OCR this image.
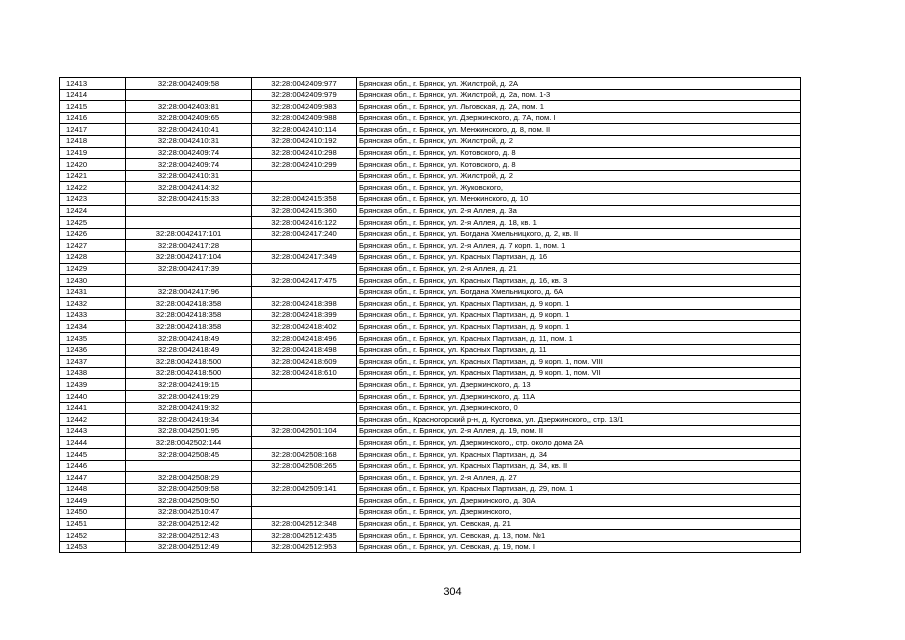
12413	32:28:0042409:58	32:28:0042409:977	Брянская обл., г. Брянск, ул. Жилстрой, д. 2А
12414		32:28:0042409:979	Брянская обл., г. Брянск, ул. Жилстрой, д. 2а, пом. 1-3
12415	32:28:0042403:81	32:28:0042409:983	Брянская обл., г. Брянск, ул. Льговская, д. 2А, пом. 1
12416	32:28:0042409:65	32:28:0042409:988	Брянская обл., г. Брянск, ул. Дзержинского, д. 7А, пом. I
12417	32:28:0042410:41	32:28:0042410:114	Брянская обл., г. Брянск, ул. Менжинского, д. 8, пом. II
12418	32:28:0042410:31	32:28:0042410:192	Брянская обл., г. Брянск, ул. Жилстрой, д. 2
12419	32:28:0042409:74	32:28:0042410:298	Брянская обл., г. Брянск, ул. Котовского, д. 8
12420	32:28:0042409:74	32:28:0042410:299	Брянская обл., г. Брянск, ул. Котовского, д. 8
12421	32:28:0042410:31		Брянская обл., г. Брянск, ул. Жилстрой, д. 2
12422	32:28:0042414:32		Брянская обл., г. Брянск, ул. Жуковского,
12423	32:28:0042415:33	32:28:0042415:358	Брянская обл., г. Брянск, ул. Менжинского, д. 10
12424		32:28:0042415:360	Брянская обл., г. Брянск, ул. 2-я Аллея, д. 3а
12425		32:28:0042416:122	Брянская обл., г. Брянск, ул. 2-я Аллея, д. 18, кв. 1
12426	32:28:0042417:101	32:28:0042417:240	Брянская обл., г. Брянск, ул. Богдана Хмельницкого, д. 2, кв. II
12427	32:28:0042417:28		Брянская обл., г. Брянск, ул. 2-я Аллея, д. 7 корп. 1, пом. 1
12428	32:28:0042417:104	32:28:0042417:349	Брянская обл., г. Брянск, ул. Красных Партизан, д. 16
12429	32:28:0042417:39		Брянская обл., г. Брянск, ул. 2-я Аллея, д. 21
12430		32:28:0042417:475	Брянская обл., г. Брянск, ул. Красных Партизан, д. 16, кв. 3
12431	32:28:0042417:96		Брянская обл., г. Брянск, ул. Богдана Хмельницкого, д. 6А
12432	32:28:0042418:358	32:28:0042418:398	Брянская обл., г. Брянск, ул. Красных Партизан, д. 9 корп. 1
12433	32:28:0042418:358	32:28:0042418:399	Брянская обл., г. Брянск, ул. Красных Партизан, д. 9 корп. 1
12434	32:28:0042418:358	32:28:0042418:402	Брянская обл., г. Брянск, ул. Красных Партизан, д. 9 корп. 1
12435	32:28:0042418:49	32:28:0042418:496	Брянская обл., г. Брянск, ул. Красных Партизан, д. 11, пом. 1
12436	32:28:0042418:49	32:28:0042418:498	Брянская обл., г. Брянск, ул. Красных Партизан, д. 11
12437	32:28:0042418:500	32:28:0042418:609	Брянская обл., г. Брянск, ул. Красных Партизан, д. 9 корп. 1, пом. VIII
12438	32:28:0042418:500	32:28:0042418:610	Брянская обл., г. Брянск, ул. Красных Партизан, д. 9 корп. 1, пом. VII
12439	32:28:0042419:15		Брянская обл., г. Брянск, ул. Дзержинского, д. 13
12440	32:28:0042419:29		Брянская обл., г. Брянск, ул. Дзержинского, д. 11А
12441	32:28:0042419:32		Брянская обл., г. Брянск, ул. Дзержинского, 0
12442	32:28:0042419:34		Брянская обл., Красногорский р-н, д. Кусговка, ул. Дзержинского,, стр. 13/1
12443	32:28:0042501:95	32:28:0042501:104	Брянская обл., г. Брянск, ул. 2-я Аллея, д. 19, пом. II
12444	32:28:0042502:144		Брянская обл., г. Брянск, ул. Дзержинского,, стр. около дома 2А
12445	32:28:0042508:45	32:28:0042508:168	Брянская обл., г. Брянск, ул. Красных Партизан, д. 34
12446		32:28:0042508:265	Брянская обл., г. Брянск, ул. Красных Партизан, д. 34, кв. II
12447	32:28:0042508:29		Брянская обл., г. Брянск, ул. 2-я Аллея, д. 27
12448	32:28:0042509:58	32:28:0042509:141	Брянская обл., г. Брянск, ул. Красных Партизан, д. 29, пом. 1
12449	32:28:0042509:50		Брянская обл., г. Брянск, ул. Дзержинского, д. 30А
12450	32:28:0042510:47		Брянская обл., г. Брянск, ул. Дзержинского,
12451	32:28:0042512:42	32:28:0042512:348	Брянская обл., г. Брянск, ул. Севская, д. 21
12452	32:28:0042512:43	32:28:0042512:435	Брянская обл., г. Брянск, ул. Севская, д. 13, пом. №1
12453	32:28:0042512:49	32:28:0042512:953	Брянская обл., г. Брянск, ул. Севская, д. 19, пом. I
304
